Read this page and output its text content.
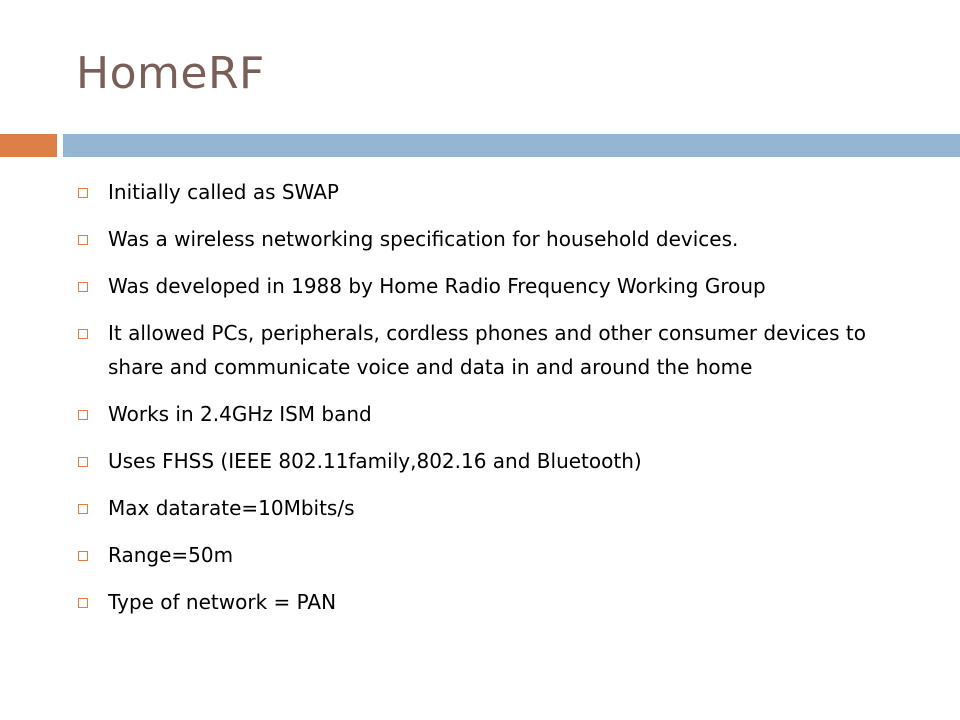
HomeRF
Initially called as SWAP
Was a wireless networking specification for household devices.
Was developed in 1988 by Home Radio Frequency Working Group
It allowed PCs, peripherals, cordless phones and other consumer devices to share and communicate voice and data in and around the home
Works in 2.4GHz ISM band
Uses FHSS (IEEE 802.11family,802.16 and Bluetooth)
Max datarate=10Mbits/s
Range=50m
Type of network = PAN
